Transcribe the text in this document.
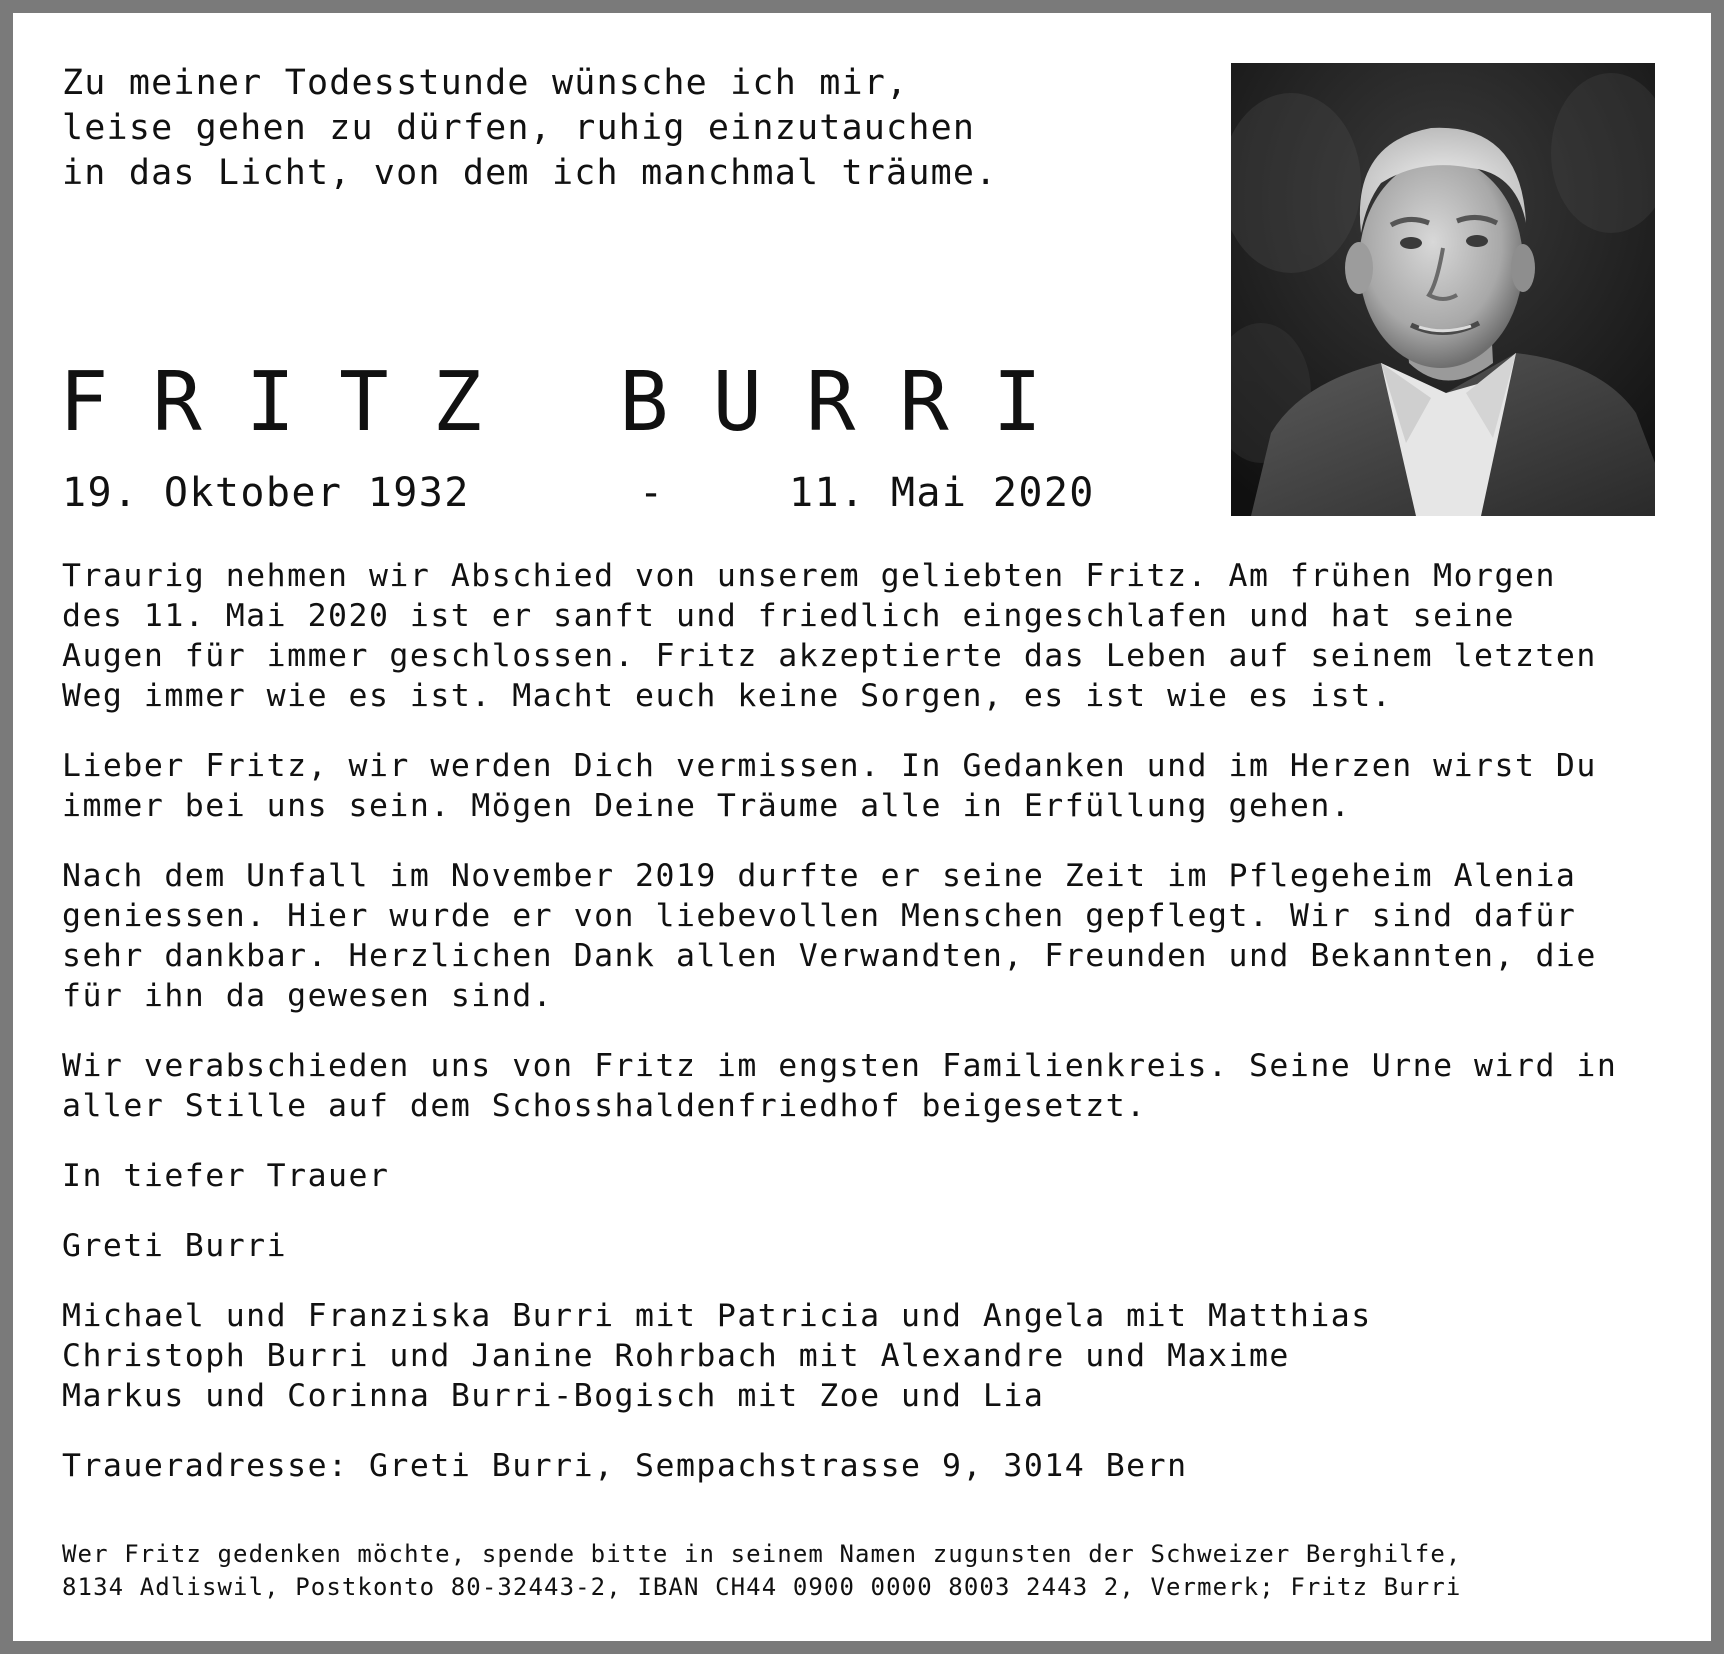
Zu meiner Todesstunde wünsche ich mir,
leise gehen zu dürfen, ruhig einzutauchen
in das Licht, von dem ich manchmal träume.
FRITZ BURRI

19. Oktober 1932

	-

	11. Mai 2020

Traurig nehmen wir Abschied von unserem geliebten Fritz. Am frühen Morgen
des 11. Mai 2020 ist er sanft und friedlich eingeschlafen und hat seine
Augen für immer geschlossen. Fritz akzeptierte das Leben auf seinem letzten
Weg immer wie es ist. Macht euch keine Sorgen, es ist wie es ist.

Lieber Fritz, wir werden Dich vermissen. In Gedanken und im Herzen wirst Du
immer bei uns sein. Mögen Deine Träume alle in Erfüllung gehen.

Nach dem Unfall im November 2019 durfte er seine Zeit im Pflegeheim Alenia
geniessen. Hier wurde er von liebevollen Menschen gepflegt. Wir sind dafür
sehr dankbar. Herzlichen Dank allen Verwandten, Freunden und Bekannten, die
für ihn da gewesen sind.

Wir verabschieden uns von Fritz im engsten Familienkreis. Seine Urne wird in
aller Stille auf dem Schosshaldenfriedhof beigesetzt.

In tiefer Trauer

Greti Burri

Michael und Franziska Burri mit Patricia und Angela mit Matthias
Christoph Burri und Janine Rohrbach mit Alexandre und Maxime
Markus und Corinna Burri-Bogisch mit Zoe und Lia

Traueradresse: Greti Burri, Sempachstrasse 9, 3014 Bern

Wer Fritz gedenken möchte, spende bitte in seinem Namen zugunsten der Schweizer Berghilfe,
8134 Adliswil, Postkonto 80-32443-2, IBAN CH44 0900 0000 8003 2443 2, Vermerk; Fritz Burri
